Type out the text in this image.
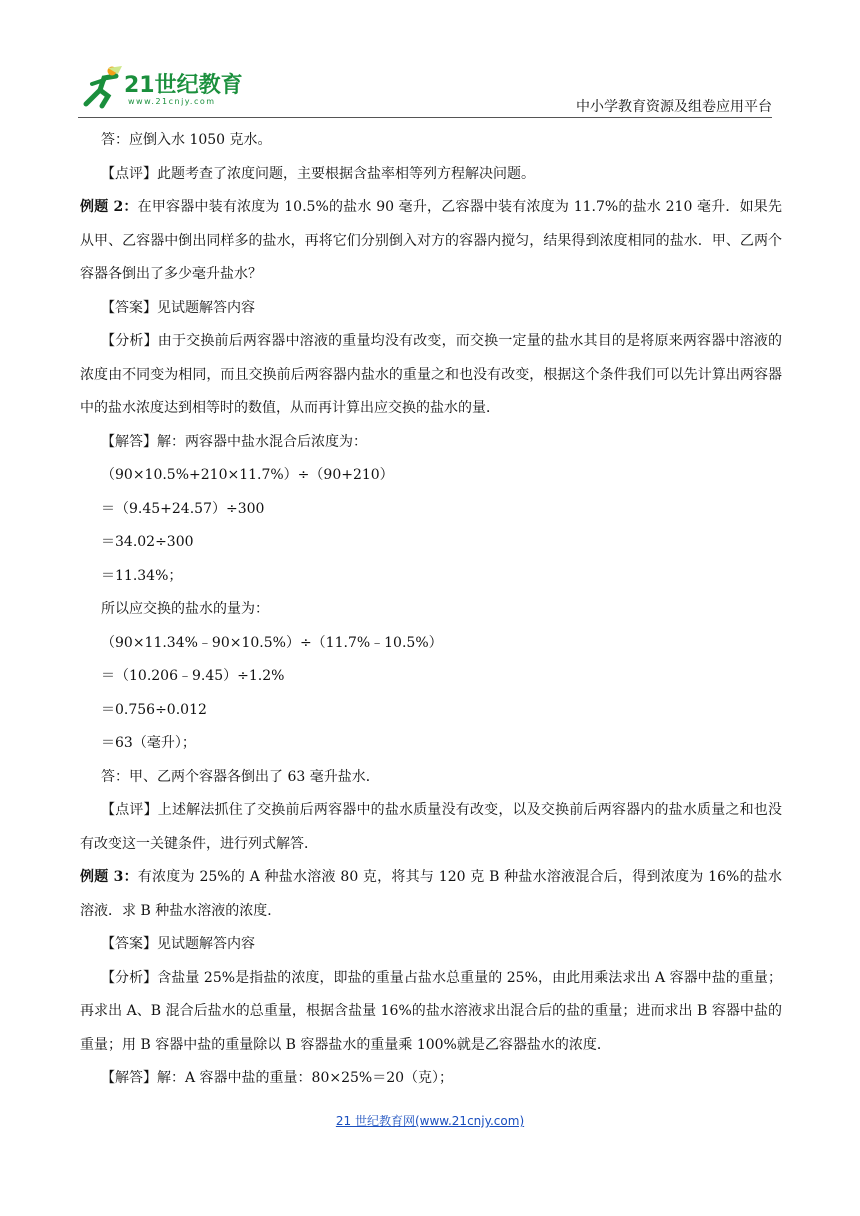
21世纪教育
www.21cnjy.com	中小学教育资源及组卷应用平台

答：应倒入水 1050 克水。

【点评】此题考查了浓度问题，主要根据含盐率相等列方程解决问题。

例题 2：在甲容器中装有浓度为 10.5%的盐水 90 毫升，乙容器中装有浓度为 11.7%的盐水 210 毫升．如果先从甲、乙容器中倒出同样多的盐水，再将它们分别倒入对方的容器内搅匀，结果得到浓度相同的盐水．甲、乙两个容器各倒出了多少毫升盐水？

【答案】见试题解答内容

【分析】由于交换前后两容器中溶液的重量均没有改变，而交换一定量的盐水其目的是将原来两容器中溶液的浓度由不同变为相同，而且交换前后两容器内盐水的重量之和也没有改变，根据这个条件我们可以先计算出两容器中的盐水浓度达到相等时的数值，从而再计算出应交换的盐水的量．

【解答】解：两容器中盐水混合后浓度为：

（90×10.5%+210×11.7%）÷（90+210）

＝（9.45+24.57）÷300

＝34.02÷300

＝11.34%；

所以应交换的盐水的量为：

（90×11.34%﹣90×10.5%）÷（11.7%﹣10.5%）

＝（10.206﹣9.45）÷1.2%

＝0.756÷0.012

＝63（毫升）；

答：甲、乙两个容器各倒出了 63 毫升盐水．

【点评】上述解法抓住了交换前后两容器中的盐水质量没有改变，以及交换前后两容器内的盐水质量之和也没有改变这一关键条件，进行列式解答．

例题 3：有浓度为 25%的 A 种盐水溶液 80 克，将其与 120 克 B 种盐水溶液混合后，得到浓度为 16%的盐水溶液．求 B 种盐水溶液的浓度．

【答案】见试题解答内容

【分析】含盐量 25%是指盐的浓度，即盐的重量占盐水总重量的 25%，由此用乘法求出 A 容器中盐的重量；再求出 A、B 混合后盐水的总重量，根据含盐量 16%的盐水溶液求出混合后的盐的重量；进而求出 B 容器中盐的重量；用 B 容器中盐的重量除以 B 容器盐水的重量乘 100%就是乙容器盐水的浓度．

【解答】解：A 容器中盐的重量：80×25%＝20（克）；

21 世纪教育网(www.21cnjy.com)
